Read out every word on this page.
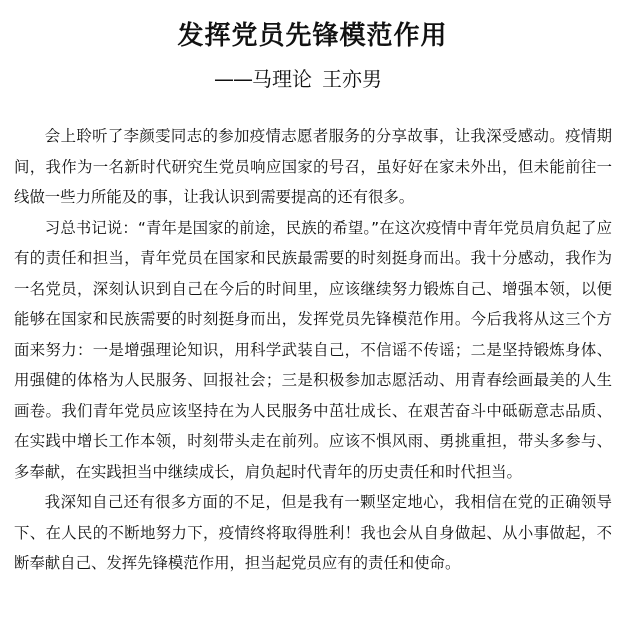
发挥党员先锋模范作用
——马理论 王亦男

会上聆听了李颜雯同志的参加疫情志愿者服务的分享故事，让我深受感动。疫情期间，我作为一名新时代研究生党员响应国家的号召，虽好好在家未外出，但未能前往一线做一些力所能及的事，让我认识到需要提高的还有很多。

习总书记说：“青年是国家的前途，民族的希望。”在这次疫情中青年党员肩负起了应有的责任和担当，青年党员在国家和民族最需要的时刻挺身而出。我十分感动，我作为一名党员，深刻认识到自己在今后的时间里，应该继续努力锻炼自己、增强本领，以便能够在国家和民族需要的时刻挺身而出，发挥党员先锋模范作用。今后我将从这三个方面来努力：一是增强理论知识，用科学武装自己，不信谣不传谣；二是坚持锻炼身体、用强健的体格为人民服务、回报社会；三是积极参加志愿活动、用青春绘画最美的人生画卷。我们青年党员应该坚持在为人民服务中茁壮成长、在艰苦奋斗中砥砺意志品质、在实践中增长工作本领，时刻带头走在前列。应该不惧风雨、勇挑重担，带头多参与、多奉献，在实践担当中继续成长，肩负起时代青年的历史责任和时代担当。

我深知自己还有很多方面的不足，但是我有一颗坚定地心，我相信在党的正确领导下、在人民的不断地努力下，疫情终将取得胜利！我也会从自身做起、从小事做起，不断奉献自己、发挥先锋模范作用，担当起党员应有的责任和使命。
